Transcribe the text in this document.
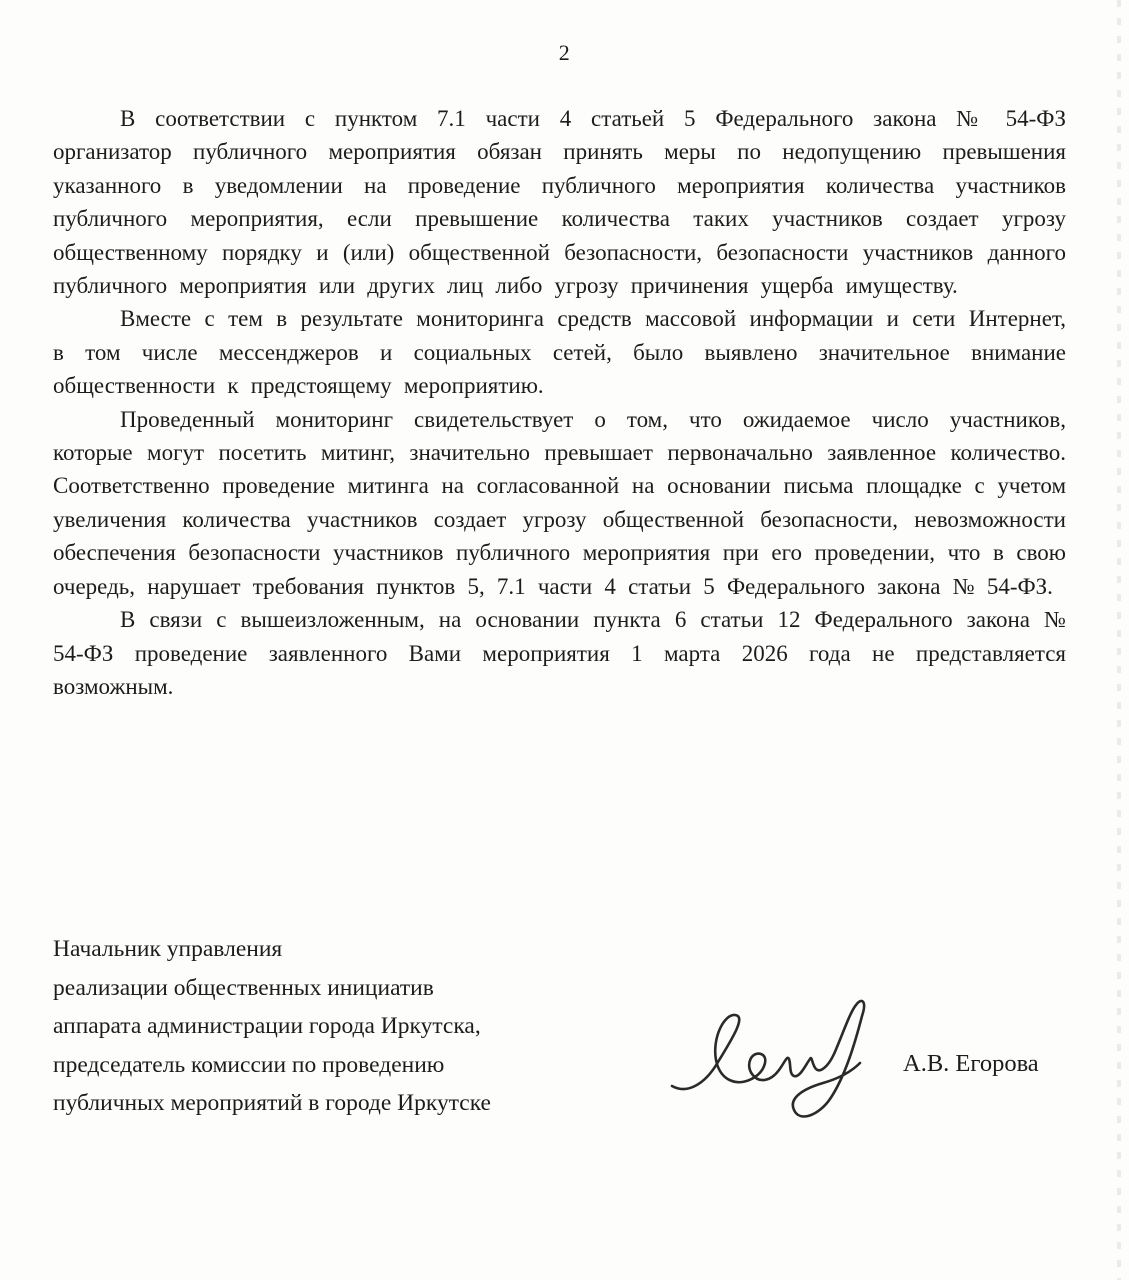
2

В соответствии с пунктом 7.1 части 4 статьей 5 Федерального закона № 54-ФЗ организатор публичного мероприятия обязан принять меры по недопущению превышения указанного в уведомлении на проведение публичного мероприятия количества участников публичного мероприятия, если превышение количества таких участников создает угрозу общественному порядку и (или) общественной безопасности, безопасности участников данного публичного мероприятия или других лиц либо угрозу причинения ущерба имуществу.

Вместе с тем в результате мониторинга средств массовой информации и сети Интернет, в том числе мессенджеров и социальных сетей, было выявлено значительное внимание общественности к предстоящему мероприятию.

Проведенный мониторинг свидетельствует о том, что ожидаемое число участников, которые могут посетить митинг, значительно превышает первоначально заявленное количество. Соответственно проведение митинга на согласованной на основании письма площадке с учетом увеличения количества участников создает угрозу общественной безопасности, невозможности обеспечения безопасности участников публичного мероприятия при его проведении, что в свою очередь, нарушает требования пунктов 5, 7.1 части 4 статьи 5 Федерального закона № 54-ФЗ.

В связи с вышеизложенным, на основании пункта 6 статьи 12 Федерального закона № 54-ФЗ проведение заявленного Вами мероприятия 1 марта 2026 года не представляется возможным.

Начальник управления
реализации общественных инициатив
аппарата администрации города Иркутска,
председатель комиссии по проведению
публичных мероприятий в городе Иркутске
А.В. Егорова
